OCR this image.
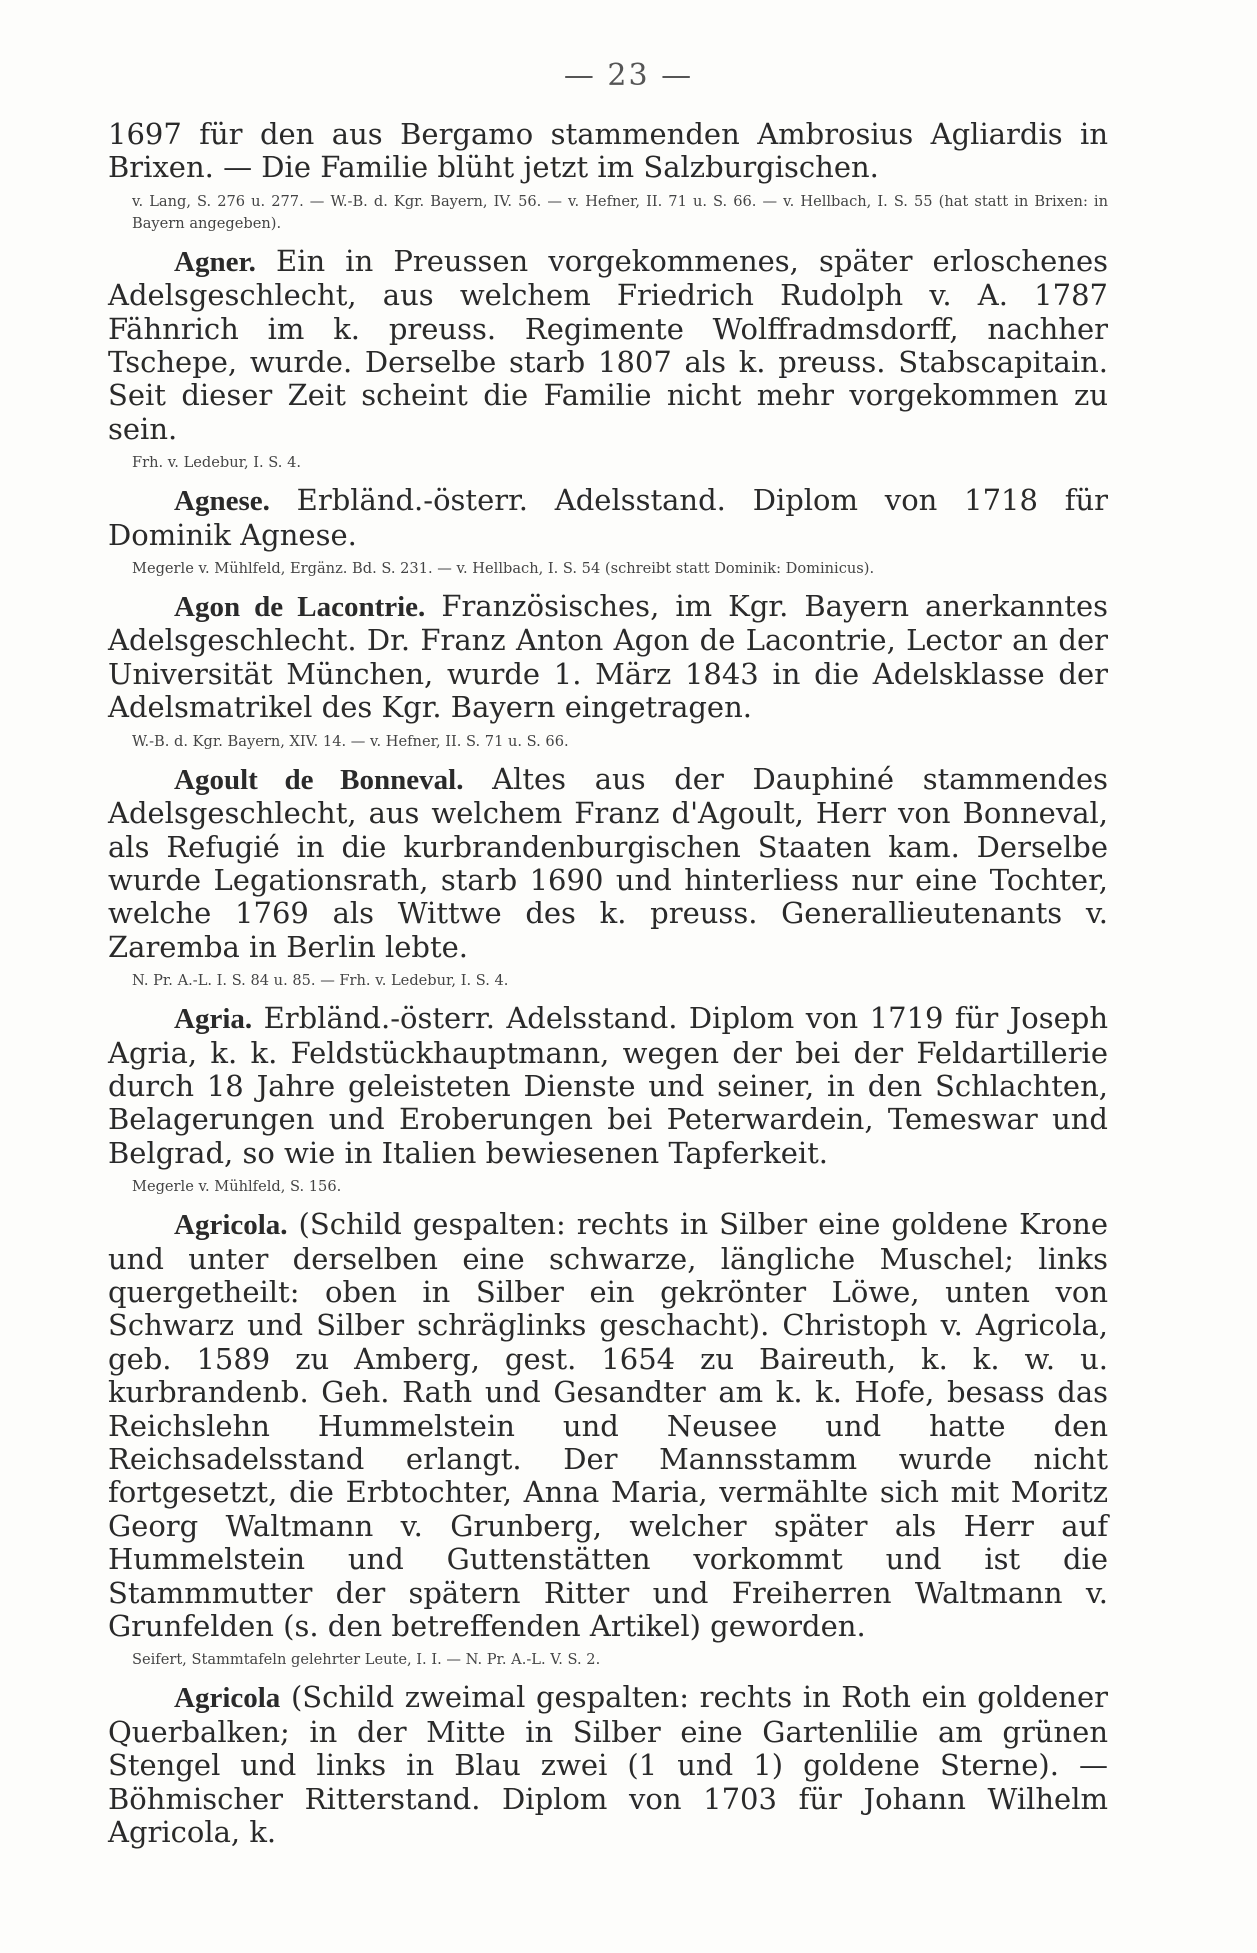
— 23 —

1697 für den aus Bergamo stammenden Ambrosius Agliardis in Brixen. — Die Familie blüht jetzt im Salzburgischen.

v. Lang, S. 276 u. 277. — W.-B. d. Kgr. Bayern, IV. 56. — v. Hefner, II. 71 u. S. 66. — v. Hellbach, I. S. 55 (hat statt in Brixen: in Bayern angegeben).

Agner. Ein in Preussen vorgekommenes, später erloschenes Adelsgeschlecht, aus welchem Friedrich Rudolph v. A. 1787 Fähnrich im k. preuss. Regimente Wolffradmsdorff, nachher Tschepe, wurde. Derselbe starb 1807 als k. preuss. Stabscapitain. Seit dieser Zeit scheint die Familie nicht mehr vorgekommen zu sein.

Frh. v. Ledebur, I. S. 4.

Agnese. Erbländ.-österr. Adelsstand. Diplom von 1718 für Dominik Agnese.

Megerle v. Mühlfeld, Ergänz. Bd. S. 231. — v. Hellbach, I. S. 54 (schreibt statt Dominik: Dominicus).

Agon de Lacontrie. Französisches, im Kgr. Bayern anerkanntes Adelsgeschlecht. Dr. Franz Anton Agon de Lacontrie, Lector an der Universität München, wurde 1. März 1843 in die Adelsklasse der Adelsmatrikel des Kgr. Bayern eingetragen.

W.-B. d. Kgr. Bayern, XIV. 14. — v. Hefner, II. S. 71 u. S. 66.

Agoult de Bonneval. Altes aus der Dauphiné stammendes Adelsgeschlecht, aus welchem Franz d'Agoult, Herr von Bonneval, als Refugié in die kurbrandenburgischen Staaten kam. Derselbe wurde Legationsrath, starb 1690 und hinterliess nur eine Tochter, welche 1769 als Wittwe des k. preuss. Generallieutenants v. Zaremba in Berlin lebte.

N. Pr. A.-L. I. S. 84 u. 85. — Frh. v. Ledebur, I. S. 4.

Agria. Erbländ.-österr. Adelsstand. Diplom von 1719 für Joseph Agria, k. k. Feldstückhauptmann, wegen der bei der Feldartillerie durch 18 Jahre geleisteten Dienste und seiner, in den Schlachten, Belagerungen und Eroberungen bei Peterwardein, Temeswar und Belgrad, so wie in Italien bewiesenen Tapferkeit.

Megerle v. Mühlfeld, S. 156.

Agricola. (Schild gespalten: rechts in Silber eine goldene Krone und unter derselben eine schwarze, längliche Muschel; links quergetheilt: oben in Silber ein gekrönter Löwe, unten von Schwarz und Silber schräglinks geschacht). Christoph v. Agricola, geb. 1589 zu Amberg, gest. 1654 zu Baireuth, k. k. w. u. kurbrandenb. Geh. Rath und Gesandter am k. k. Hofe, besass das Reichslehn Hummelstein und Neusee und hatte den Reichsadelsstand erlangt. Der Mannsstamm wurde nicht fortgesetzt, die Erbtochter, Anna Maria, vermählte sich mit Moritz Georg Waltmann v. Grunberg, welcher später als Herr auf Hummelstein und Guttenstätten vorkommt und ist die Stammmutter der spätern Ritter und Freiherren Waltmann v. Grunfelden (s. den betreffenden Artikel) geworden.

Seifert, Stammtafeln gelehrter Leute, I. I. — N. Pr. A.-L. V. S. 2.

Agricola (Schild zweimal gespalten: rechts in Roth ein goldener Querbalken; in der Mitte in Silber eine Gartenlilie am grünen Stengel und links in Blau zwei (1 und 1) goldene Sterne). — Böhmischer Ritterstand. Diplom von 1703 für Johann Wilhelm Agricola, k.
